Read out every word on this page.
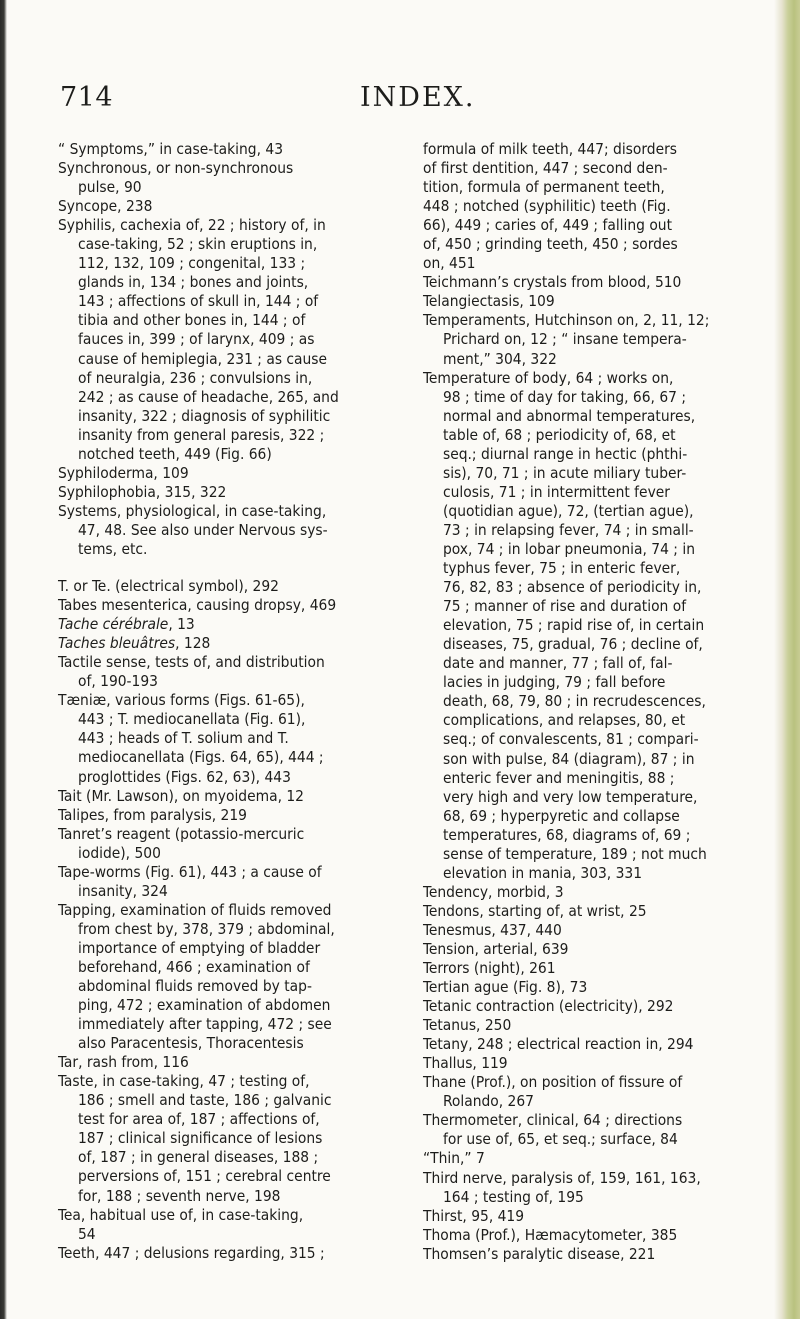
714	INDEX.
“ Symptoms,” in case-taking, 43
Synchronous, or non-synchronous
pulse, 90
Syncope, 238
Syphilis, cachexia of, 22 ; history of, in
case-taking, 52 ; skin eruptions in,
112, 132, 109 ; congenital, 133 ;
glands in, 134 ; bones and joints,
143 ; affections of skull in, 144 ; of
tibia and other bones in, 144 ; of
fauces in, 399 ; of larynx, 409 ; as
cause of hemiplegia, 231 ; as cause
of neuralgia, 236 ; convulsions in,
242 ; as cause of headache, 265, and
insanity, 322 ; diagnosis of syphilitic
insanity from general paresis, 322 ;
notched teeth, 449 (Fig. 66)
Syphiloderma, 109
Syphilophobia, 315, 322
Systems, physiological, in case-taking,
47, 48. See also under Nervous sys-
tems, etc.
T. or Te. (electrical symbol), 292
Tabes mesenterica, causing dropsy, 469
Tache cérébrale, 13
Taches bleuâtres, 128
Tactile sense, tests of, and distribution
of, 190-193
Tæniæ, various forms (Figs. 61-65),
443 ; T. mediocanellata (Fig. 61),
443 ; heads of T. solium and T.
mediocanellata (Figs. 64, 65), 444 ;
proglottides (Figs. 62, 63), 443
Tait (Mr. Lawson), on myoidema, 12
Talipes, from paralysis, 219
Tanret’s reagent (potassio-mercuric
iodide), 500
Tape-worms (Fig. 61), 443 ; a cause of
insanity, 324
Tapping, examination of fluids removed
from chest by, 378, 379 ; abdominal,
importance of emptying of bladder
beforehand, 466 ; examination of
abdominal fluids removed by tap-
ping, 472 ; examination of abdomen
immediately after tapping, 472 ; see
also Paracentesis, Thoracentesis
Tar, rash from, 116
Taste, in case-taking, 47 ; testing of,
186 ; smell and taste, 186 ; galvanic
test for area of, 187 ; affections of,
187 ; clinical significance of lesions
of, 187 ; in general diseases, 188 ;
perversions of, 151 ; cerebral centre
for, 188 ; seventh nerve, 198
Tea, habitual use of, in case-taking,
54
Teeth, 447 ; delusions regarding, 315 ;
formula of milk teeth, 447; disorders
of first dentition, 447 ; second den-
tition, formula of permanent teeth,
448 ; notched (syphilitic) teeth (Fig.
66), 449 ; caries of, 449 ; falling out
of, 450 ; grinding teeth, 450 ; sordes
on, 451
Teichmann’s crystals from blood, 510
Telangiectasis, 109
Temperaments, Hutchinson on, 2, 11, 12;
Prichard on, 12 ; “ insane tempera-
ment,” 304, 322
Temperature of body, 64 ; works on,
98 ; time of day for taking, 66, 67 ;
normal and abnormal temperatures,
table of, 68 ; periodicity of, 68, et
seq.; diurnal range in hectic (phthi-
sis), 70, 71 ; in acute miliary tuber-
culosis, 71 ; in intermittent fever
(quotidian ague), 72, (tertian ague),
73 ; in relapsing fever, 74 ; in small-
pox, 74 ; in lobar pneumonia, 74 ; in
typhus fever, 75 ; in enteric fever,
76, 82, 83 ; absence of periodicity in,
75 ; manner of rise and duration of
elevation, 75 ; rapid rise of, in certain
diseases, 75, gradual, 76 ; decline of,
date and manner, 77 ; fall of, fal-
lacies in judging, 79 ; fall before
death, 68, 79, 80 ; in recrudescences,
complications, and relapses, 80, et
seq.; of convalescents, 81 ; compari-
son with pulse, 84 (diagram), 87 ; in
enteric fever and meningitis, 88 ;
very high and very low temperature,
68, 69 ; hyperpyretic and collapse
temperatures, 68, diagrams of, 69 ;
sense of temperature, 189 ; not much
elevation in mania, 303, 331
Tendency, morbid, 3
Tendons, starting of, at wrist, 25
Tenesmus, 437, 440
Tension, arterial, 639
Terrors (night), 261
Tertian ague (Fig. 8), 73
Tetanic contraction (electricity), 292
Tetanus, 250
Tetany, 248 ; electrical reaction in, 294
Thallus, 119
Thane (Prof.), on position of fissure of
Rolando, 267
Thermometer, clinical, 64 ; directions
for use of, 65, et seq.; surface, 84
“Thin,” 7
Third nerve, paralysis of, 159, 161, 163,
164 ; testing of, 195
Thirst, 95, 419
Thoma (Prof.), Hæmacytometer, 385
Thomsen’s paralytic disease, 221
